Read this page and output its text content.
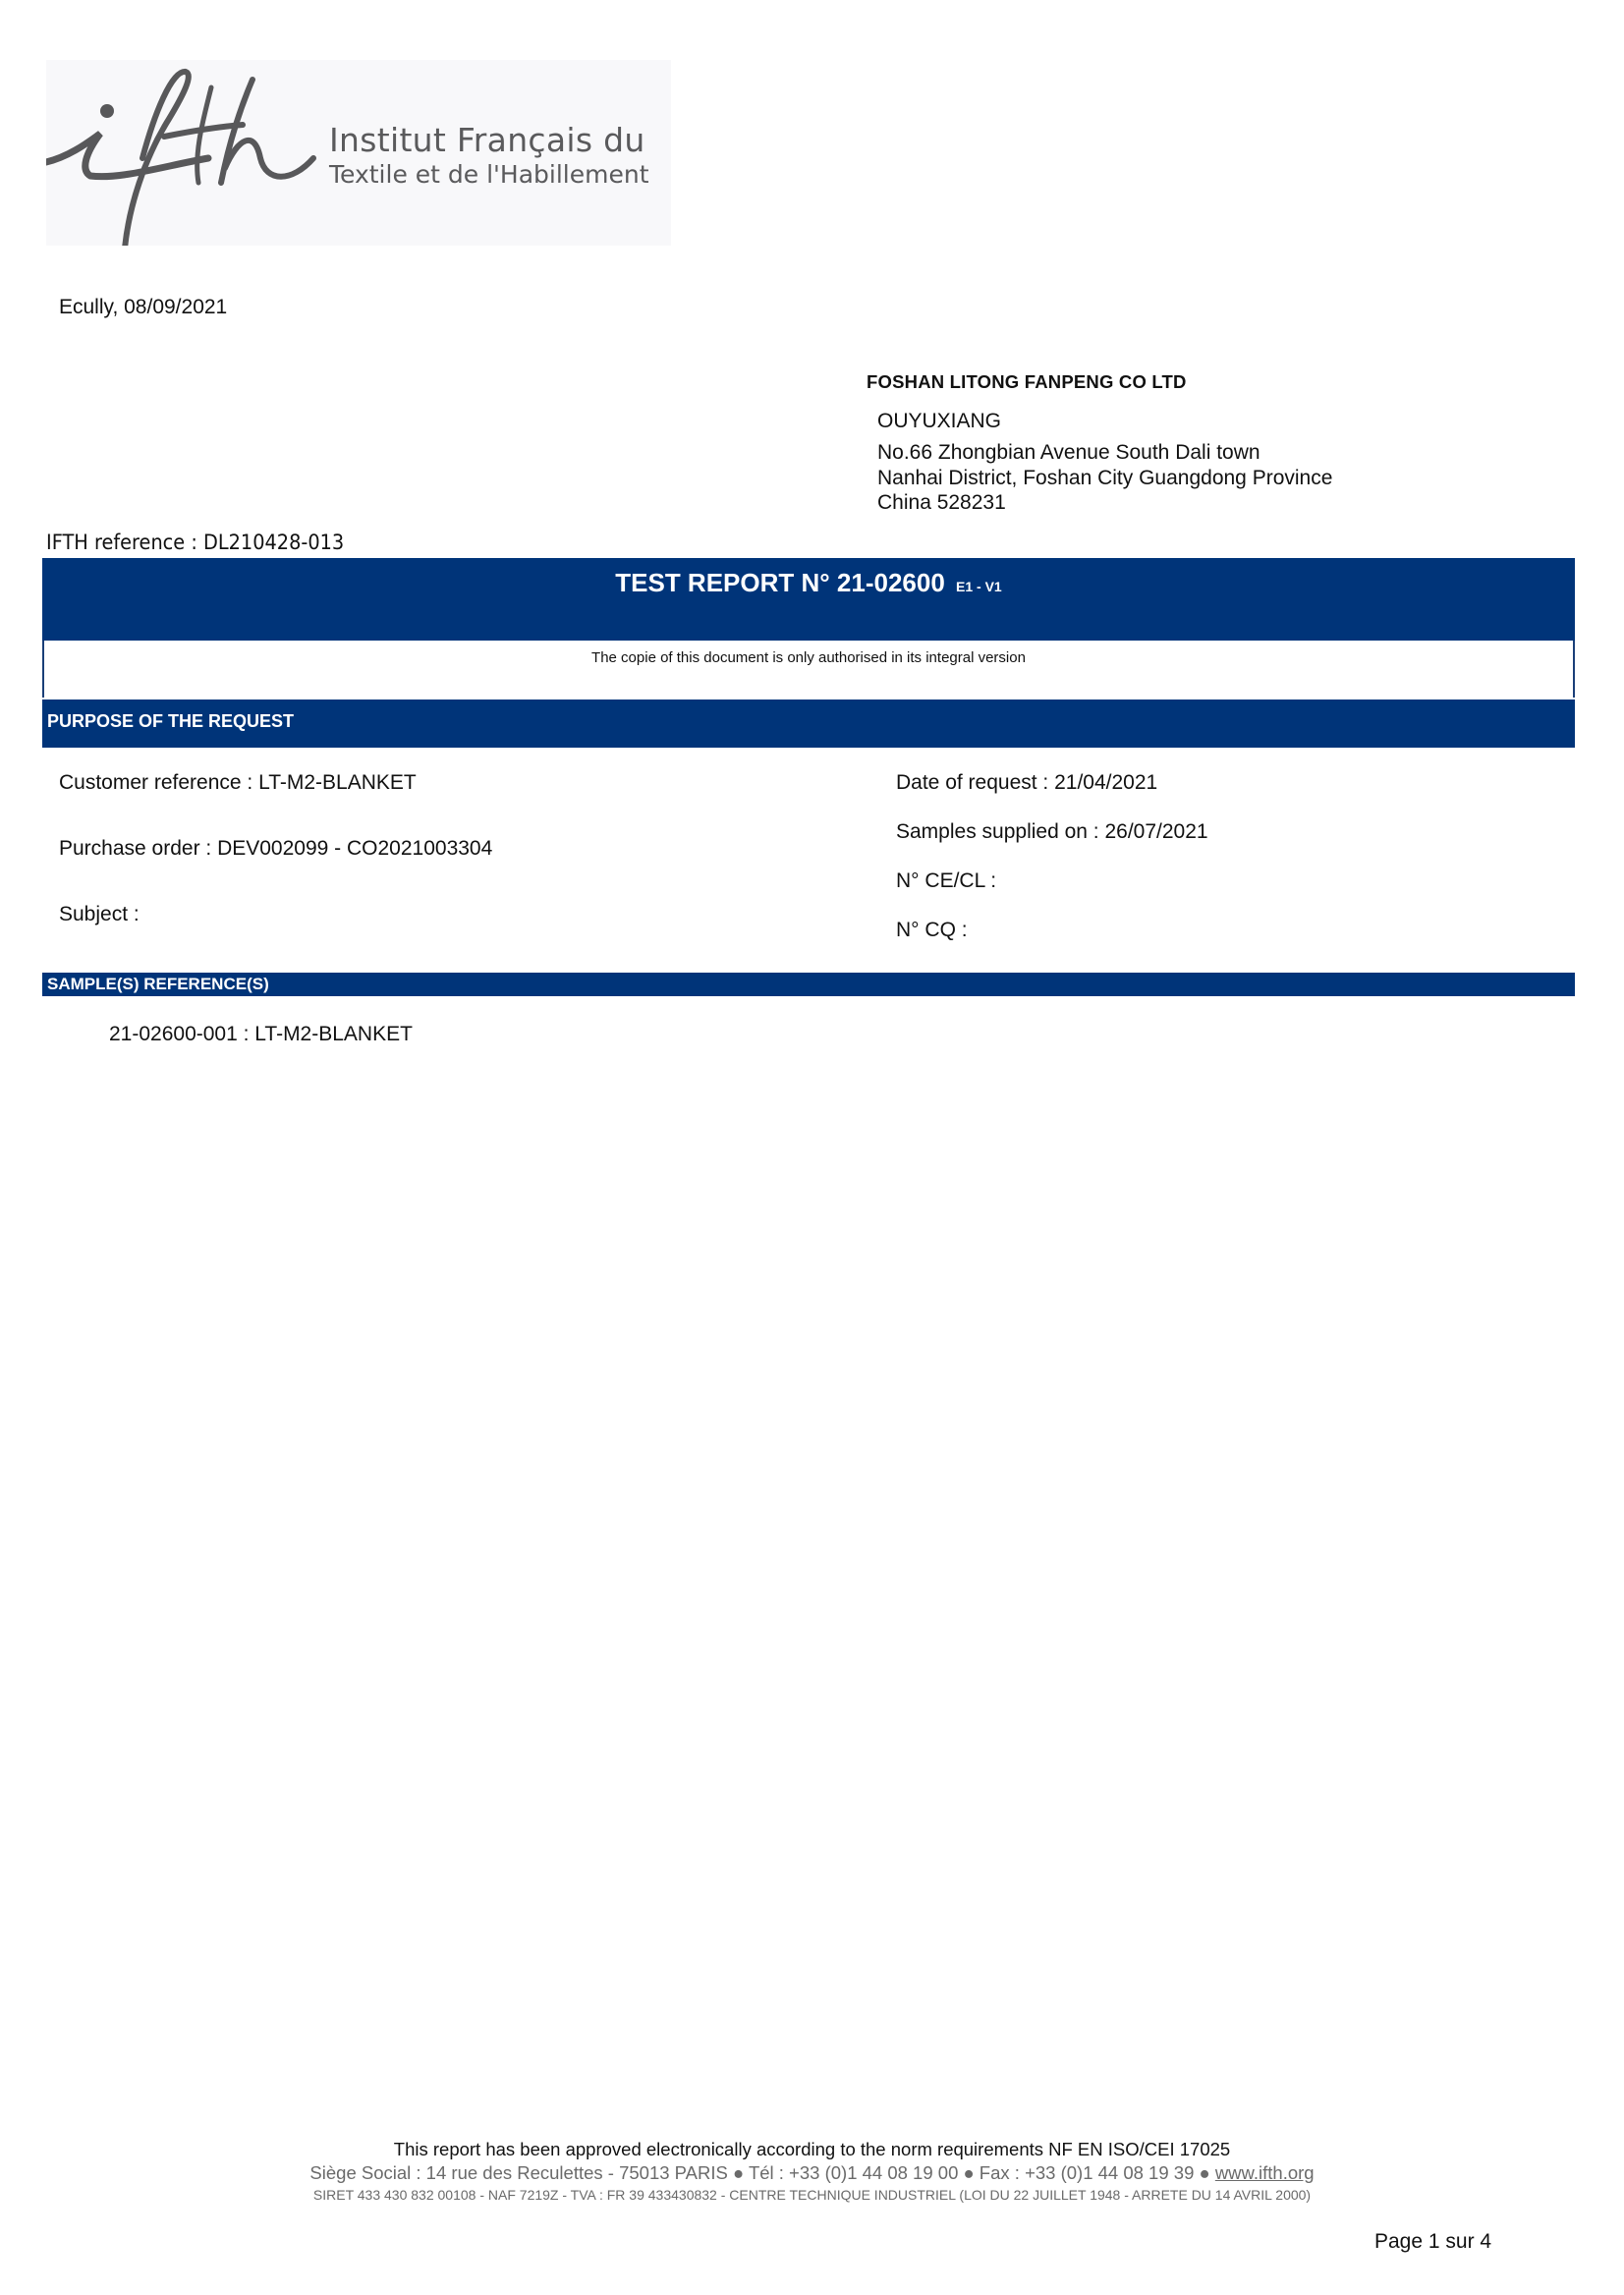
Institut Français du
Textile et de l'Habillement
Ecully, 08/09/2021
FOSHAN LITONG FANPENG CO LTD
OUYUXIANG
No.66 Zhongbian Avenue South Dali town
Nanhai District, Foshan City Guangdong Province
China 528231
IFTH reference : DL210428-013
TEST REPORT N° 21-02600 E1 - V1
The copie of this document is only authorised in its integral version
PURPOSE OF THE REQUEST
Customer reference : LT-M2-BLANKET
Purchase order : DEV002099 - CO2021003304
Subject :
Date of request : 21/04/2021
Samples supplied on : 26/07/2021
N° CE/CL :
N° CQ :
SAMPLE(S) REFERENCE(S)
21-02600-001 : LT-M2-BLANKET
This report has been approved electronically according to the norm requirements NF EN ISO/CEI 17025
Siège Social : 14 rue des Reculettes - 75013 PARIS ● Tél : +33 (0)1 44 08 19 00 ● Fax : +33 (0)1 44 08 19 39 ● www.ifth.org
SIRET 433 430 832 00108 - NAF 7219Z - TVA : FR 39 433430832 - CENTRE TECHNIQUE INDUSTRIEL (LOI DU 22 JUILLET 1948 - ARRETE DU 14 AVRIL 2000)
Page 1 sur 4
